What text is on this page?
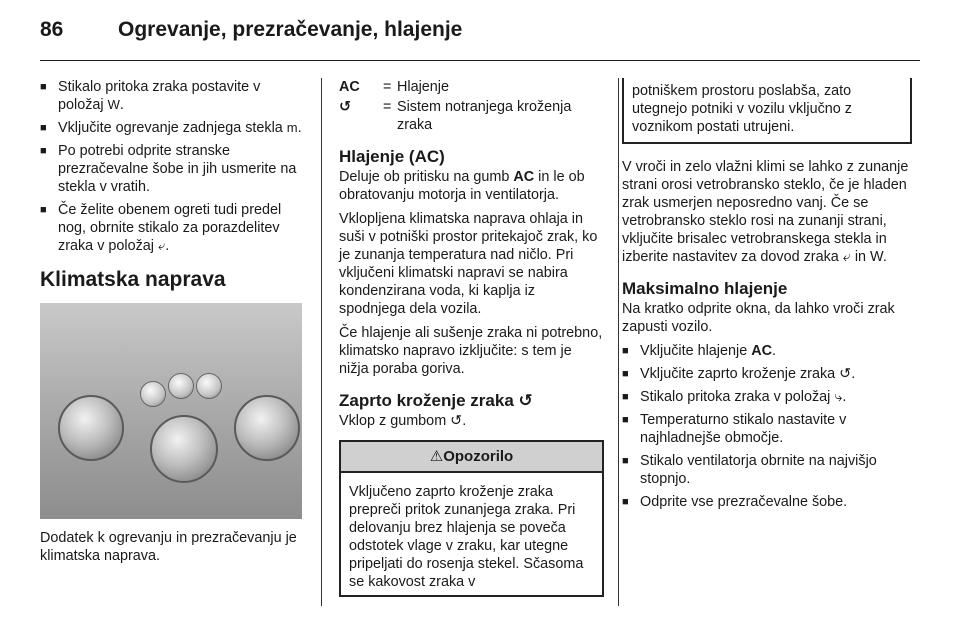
86	Ogrevanje, prezračevanje, hlajenje
■ Stikalo pritoka zraka postavite v položaj W.
■ Vključite ogrevanje zadnjega stekla m.
■ Po potrebi odprite stranske prezračevalne šobe in jih usmerite na stekla v vratih.
■ Če želite obenem ogreti tudi predel nog, obrnite stikalo za porazdelitev zraka v položaj ⤶.
Klimatska naprava

Dodatek k ogrevanju in prezračevanju je klimatska naprava.

AC	= Hlajenje
↺	= Sistem notranjega kroženja zraka
Hlajenje (AC)

Deluje ob pritisku na gumb AC in le ob obratovanju motorja in ventilatorja.

Vklopljena klimatska naprava ohlaja in suši v potniški prostor pritekajoč zrak, ko je zunanja temperatura nad ničlo. Pri vključeni klimatski napravi se nabira kondenzirana voda, ki kaplja iz spodnjega dela vozila.

Če hlajenje ali sušenje zraka ni potrebno, klimatsko napravo izključite: s tem je nižja poraba goriva.

Zaprto kroženje zraka ↺

Vklop z gumbom ↺.

⚠Opozorilo
Vključeno zaprto kroženje zraka prepreči pritok zunanjega zraka. Pri delovanju brez hlajenja se poveča odstotek vlage v zraku, kar utegne pripeljati do rosenja stekel. Sčasoma se kakovost zraka v
potniškem prostoru poslabša, zato utegnejo potniki v vozilu vključno z voznikom postati utrujeni.

V vroči in zelo vlažni klimi se lahko z zunanje strani orosi vetrobransko steklo, če je hladen zrak usmerjen neposredno vanj. Če se vetrobransko steklo rosi na zunanji strani, vključite brisalec vetrobranskega stekla in izberite nastavitev za dovod zraka ⤶ in W.

Maksimalno hlajenje

Na kratko odprite okna, da lahko vroči zrak zapusti vozilo.

■ Vključite hlajenje AC.
■ Vključite zaprto kroženje zraka ↺.
■ Stikalo pritoka zraka v položaj ⤷.
■ Temperaturno stikalo nastavite v najhladnejše območje.
■ Stikalo ventilatorja obrnite na najvišjo stopnjo.
■ Odprite vse prezračevalne šobe.
